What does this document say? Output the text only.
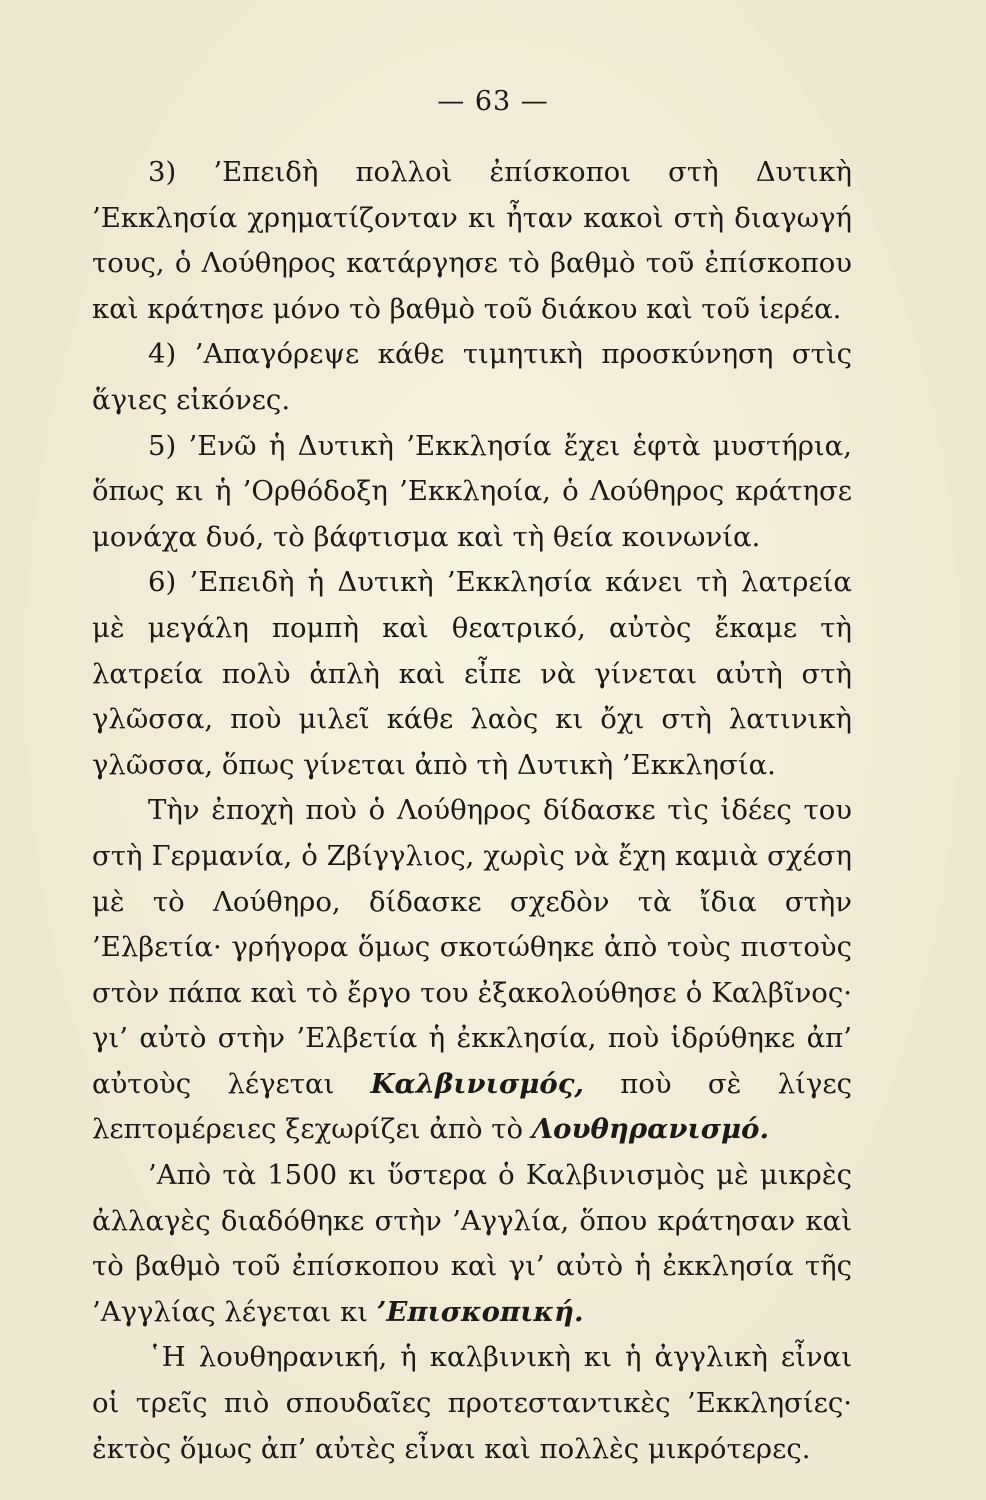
— 63 —

3) ’Επειδὴ πολλοὶ ἐπίσκοποι στὴ Δυτικὴ ’Εκκλησία χρηματίζονταν κι ἦταν κακοὶ στὴ διαγωγή τους, ὁ Λούθηρος κατάργησε τὸ βαθμὸ τοῦ ἐπίσκοπου καὶ κράτησε μόνο τὸ βαθμὸ τοῦ διάκου καὶ τοῦ ἱερέα.

4) ’Απαγόρεψε κάθε τιμητικὴ προσκύνηση στὶς ἅγιες εἰκόνες.

5) ’Ενῶ ἡ Δυτικὴ ’Εκκλησία ἔχει ἑφτὰ μυστήρια, ὅπως κι ἡ ’Ορθόδοξη ’Εκκληοία, ὁ Λούθηρος κράτησε μονάχα δυό, τὸ βάφτισμα καὶ τὴ θεία κοινωνία.

6) ’Επειδὴ ἡ Δυτικὴ ’Εκκλησία κάνει τὴ λατρεία μὲ μεγάλη πομπὴ καὶ θεατρικό, αὐτὸς ἔκαμε τὴ λατρεία πολὺ ἁπλὴ καὶ εἶπε νὰ γίνεται αὐτὴ στὴ γλῶσσα, ποὺ μιλεῖ κάθε λαὸς κι ὄχι στὴ λατινικὴ γλῶσσα, ὅπως γίνεται ἀπὸ τὴ Δυτικὴ ’Εκκλησία.

Τὴν ἐποχὴ ποὺ ὁ Λούθηρος δίδασκε τὶς ἰδέες του στὴ Γερμανία, ὁ Ζβίγγλιος, χωρὶς νὰ ἔχη καμιὰ σχέση μὲ τὸ Λούθηρο, δίδασκε σχεδὸν τὰ ἴδια στὴν ’Ελβετία· γρήγορα ὅμως σκοτώθηκε ἀπὸ τοὺς πιστοὺς στὸν πάπα καὶ τὸ ἔργο του ἐξακολούθησε ὁ Καλβῖνος· γι’ αὐτὸ στὴν ’Ελβετία ἡ ἐκκλησία, ποὺ ἱδρύθηκε ἀπ’ αὐτοὺς λέγεται Καλβινισμός, ποὺ σὲ λίγες λεπτομέρειες ξεχωρίζει ἀπὸ τὸ Λουθηρανισμό.

’Απὸ τὰ 1500 κι ὕστερα ὁ Καλβινισμὸς μὲ μικρὲς ἀλλαγὲς διαδόθηκε στὴν ’Αγγλία, ὅπου κράτησαν καὶ τὸ βαθμὸ τοῦ ἐπίσκοπου καὶ γι’ αὐτὸ ἡ ἐκκλησία τῆς ’Αγγλίας λέγεται κι ’Επισκοπική.

῾Η λουθηρανική, ἡ καλβινικὴ κι ἡ ἀγγλικὴ εἶναι οἱ τρεῖς πιὸ σπουδαῖες προτεσταντικὲς ’Εκκλησίες· ἐκτὸς ὅμως ἀπ’ αὐτὲς εἶναι καὶ πολλὲς μικρότερες.
